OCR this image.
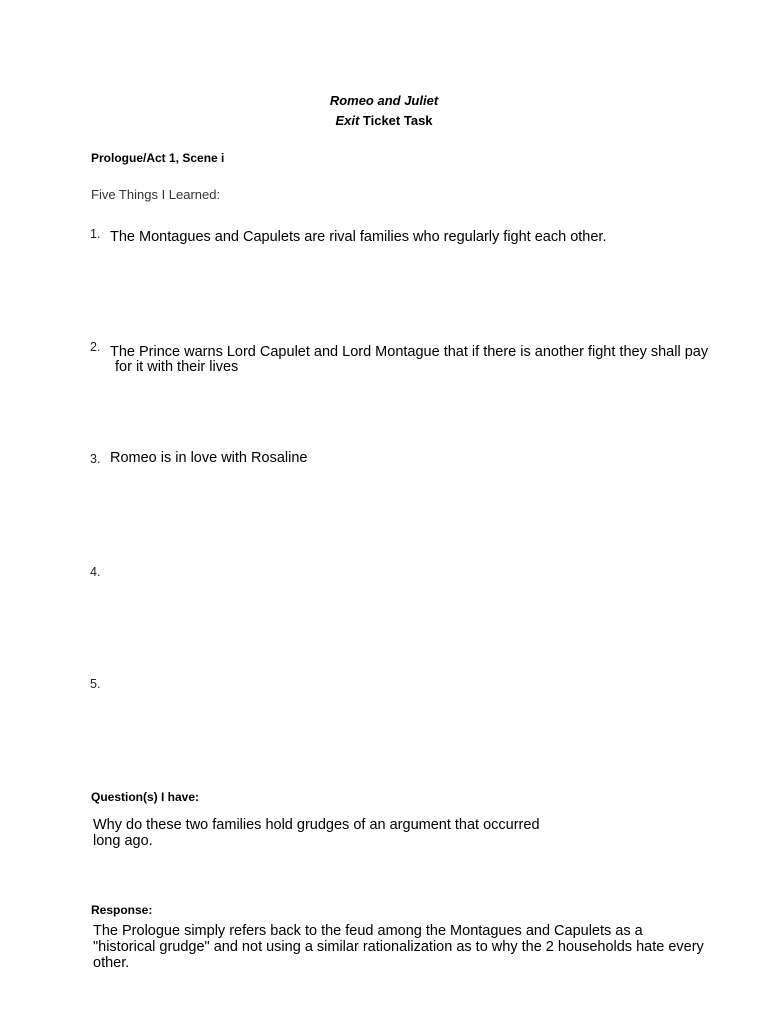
Romeo and Juliet
Exit Ticket Task
Prologue/Act 1, Scene i
Five Things I Learned:
1. The Montagues and Capulets are rival families who regularly fight each other.
2. The Prince warns Lord Capulet and Lord Montague that if there is another fight they shall pay
for it with their lives
3. Romeo is in love with Rosaline
4.
5.
Question(s) I have:
Why do these two families hold grudges of an argument that occurred
long ago.
Response:
The Prologue simply refers back to the feud among the Montagues and Capulets as a
"historical grudge" and not using a similar rationalization as to why the 2 households hate every
other.
